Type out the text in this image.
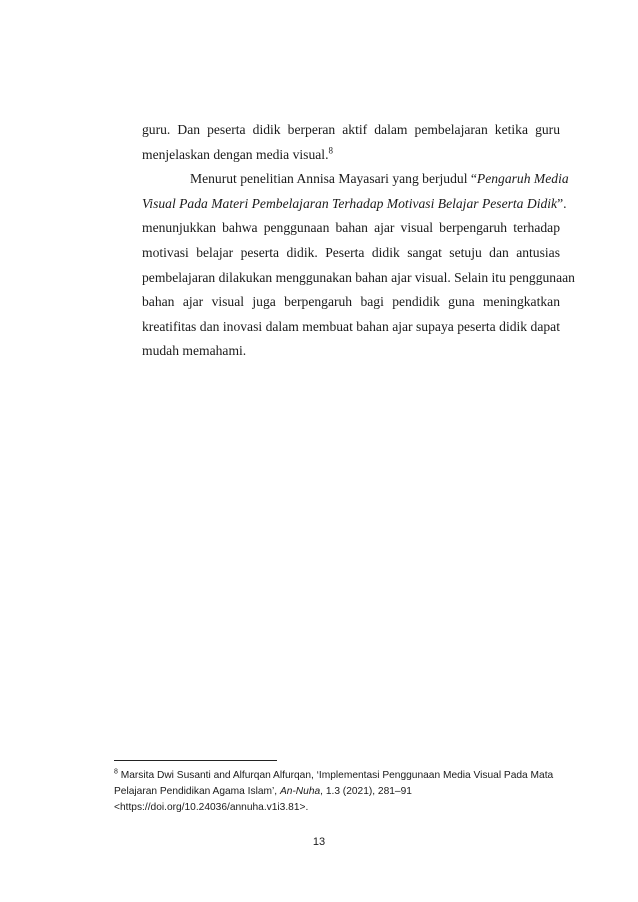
guru. Dan peserta didik berperan aktif dalam pembelajaran ketika guru
menjelaskan dengan media visual.$^8$
Menurut penelitian Annisa Mayasari yang berjudul “Pengaruh Media
Visual Pada Materi Pembelajaran Terhadap Motivasi Belajar Peserta Didik”.
menunjukkan bahwa penggunaan bahan ajar visual berpengaruh terhadap
motivasi belajar peserta didik. Peserta didik sangat setuju dan antusias
pembelajaran dilakukan menggunakan bahan ajar visual. Selain itu penggunaan
bahan ajar visual juga berpengaruh bagi pendidik guna meningkatkan
kreatifitas dan inovasi dalam membuat bahan ajar supaya peserta didik dapat
mudah memahami.
$^8$ Marsita Dwi Susanti and Alfurqan Alfurqan, ‘Implementasi Penggunaan Media Visual Pada Mata
Pelajaran Pendidikan Agama Islam’, An-Nuha, 1.3 (2021), 281–91
<https://doi.org/10.24036/annuha.v1i3.81>.
13
